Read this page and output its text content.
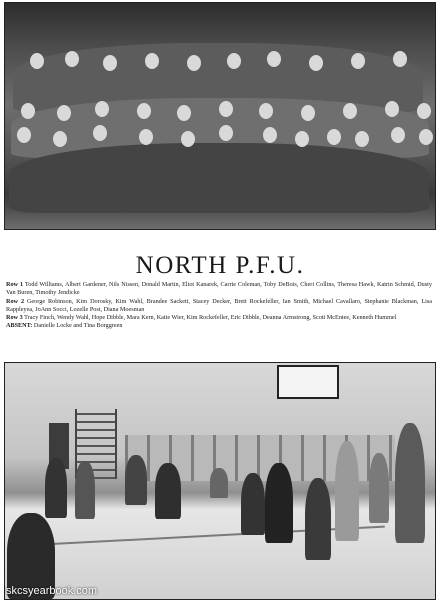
NORTH P.F.U.
Row 1 Todd Williams, Albert Gardener, Nils Nissen, Donald Martin, Eliot Kanarek, Carrie Coleman, Toby DeBois, Cheri Collins, Theresa Hawk, Katrin Schmid, Dusty Van Buren, Timothy Jendicke
Row 2 George Robinson, Kim Dorosky, Kim Wahl, Brandee Sackett, Stacey Decker, Brett Rockefeller, Ian Smith, Michael Cavallaro, Stephanie Blackman, Lisa Rappleyea, JoAnn Socci, Lozelle Post, Diana Moesman
Row 3 Tracy Finch, Wendy Wahl, Hope Dibble, Mara Kern, Katie Wier, Kim Rockefeller, Eric Dibble, Deanna Armstrong, Scott McEntee, Kenneth Hummel
ABSENT: Danielle Locke and Tina Borggreen
skcsyearbook.com
